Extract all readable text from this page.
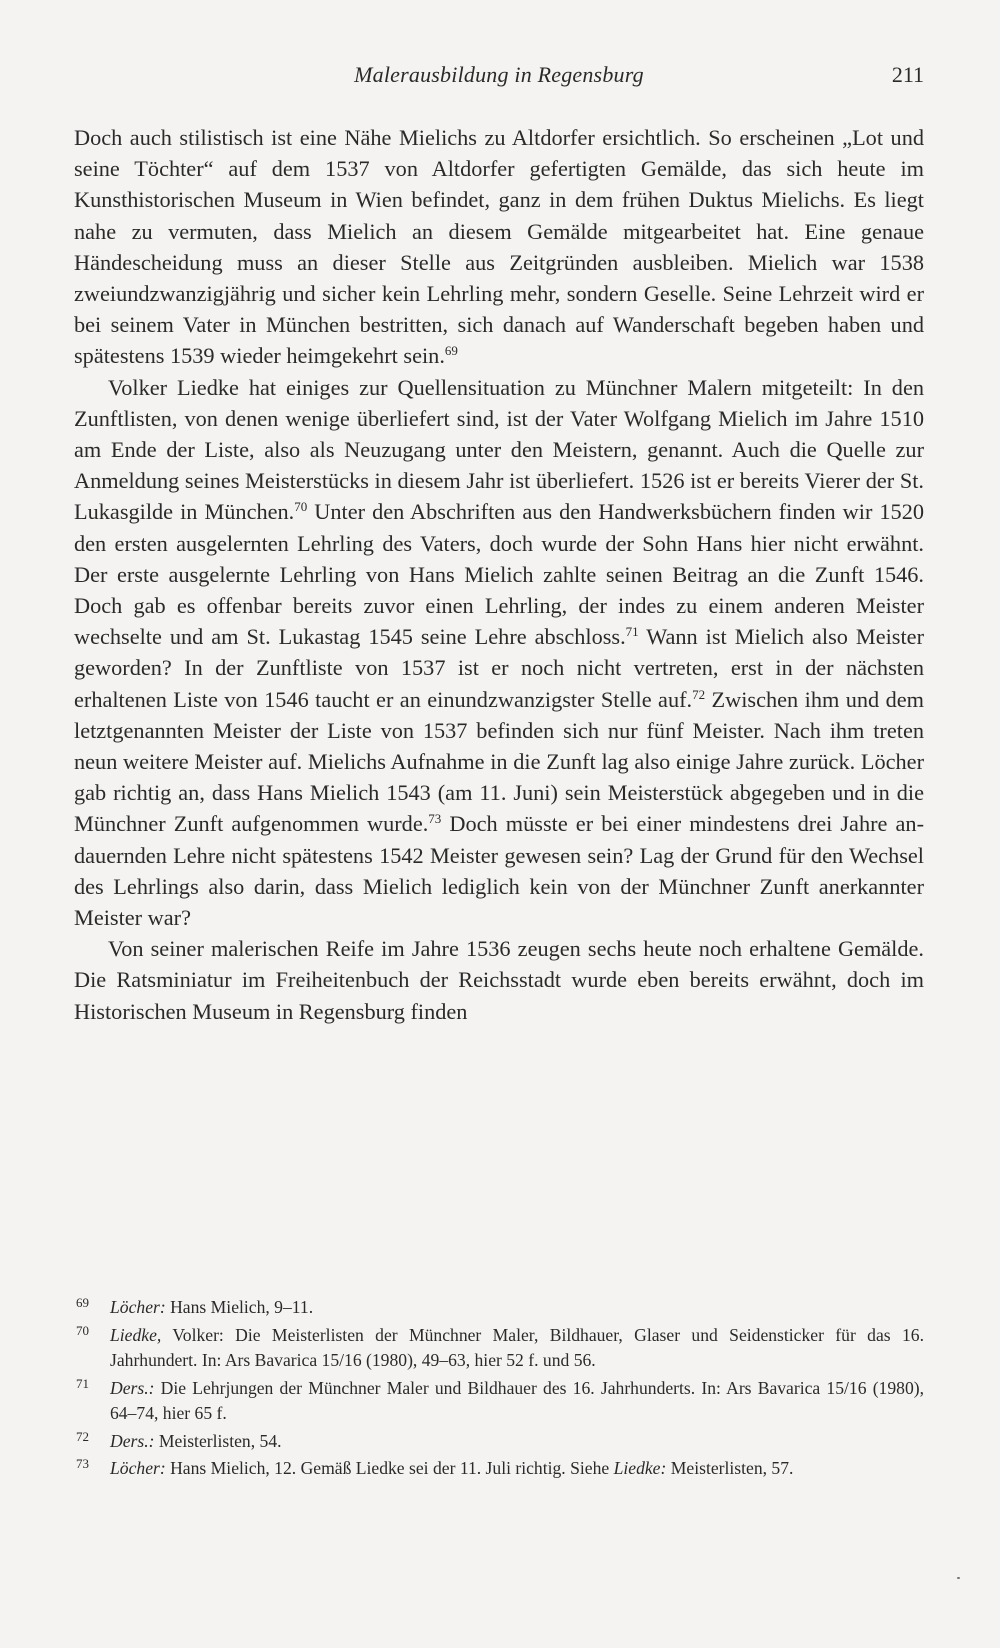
Malerausbildung in Regensburg	211

Doch auch stilistisch ist eine Nähe Mielichs zu Altdorfer ersichtlich. So erscheinen „Lot und seine Töchter“ auf dem 1537 von Altdorfer gefertigten Gemälde, das sich heute im Kunsthistorischen Museum in Wien befindet, ganz in dem frühen Duktus Mielichs. Es liegt nahe zu vermuten, dass Mielich an diesem Gemälde mitgearbeitet hat. Eine genaue Händescheidung muss an dieser Stelle aus Zeitgründen ausbleiben. Mielich war 1538 zweiundzwanzigjährig und sicher kein Lehrling mehr, sondern Geselle. Seine Lehrzeit wird er bei seinem Vater in München bestritten, sich danach auf Wanderschaft begeben haben und spätestens 1539 wieder heimgekehrt sein.$^{69}$

Volker Liedke hat einiges zur Quellensituation zu Münchner Malern mitgeteilt: In den Zunftlisten, von denen wenige überliefert sind, ist der Vater Wolfgang Mielich im Jahre 1510 am Ende der Liste, also als Neuzugang unter den Meistern, genannt. Auch die Quelle zur Anmeldung seines Meisterstücks in diesem Jahr ist überliefert. 1526 ist er bereits Vierer der St. Lukasgilde in München.$^{70}$ Unter den Abschriften aus den Handwerksbüchern finden wir 1520 den ersten ausgelernten Lehrling des Vaters, doch wurde der Sohn Hans hier nicht erwähnt. Der erste ausgelernte Lehrling von Hans Mielich zahlte seinen Beitrag an die Zunft 1546. Doch gab es offenbar bereits zuvor einen Lehrling, der indes zu einem anderen Meister wechselte und am St. Lukastag 1545 seine Lehre abschloss.$^{71}$ Wann ist Mielich also Meister geworden? In der Zunftliste von 1537 ist er noch nicht vertreten, erst in der nächsten erhaltenen Liste von 1546 taucht er an einundzwanzigster Stelle auf.$^{72}$ Zwischen ihm und dem letztgenannten Meister der Liste von 1537 befinden sich nur fünf Meister. Nach ihm treten neun weitere Meister auf. Mielichs Aufnahme in die Zunft lag also einige Jahre zurück. Löcher gab richtig an, dass Hans Mielich 1543 (am 11. Juni) sein Meisterstück abgegeben und in die Münchner Zunft aufgenommen wurde.$^{73}$ Doch müsste er bei einer mindestens drei Jahre andauernden Lehre nicht spätestens 1542 Meister gewesen sein? Lag der Grund für den Wechsel des Lehrlings also darin, dass Mielich lediglich kein von der Münchner Zunft anerkannter Meister war?

Von seiner malerischen Reife im Jahre 1536 zeugen sechs heute noch erhaltene Gemälde. Die Ratsminiatur im Freiheitenbuch der Reichsstadt wurde eben bereits erwähnt, doch im Historischen Museum in Regensburg finden

69 Löcher: Hans Mielich, 9–11.

70 Liedke, Volker: Die Meisterlisten der Münchner Maler, Bildhauer, Glaser und Seidensticker für das 16. Jahrhundert. In: Ars Bavarica 15/16 (1980), 49–63, hier 52 f. und 56.

71 Ders.: Die Lehrjungen der Münchner Maler und Bildhauer des 16. Jahrhunderts. In: Ars Bavarica 15/16 (1980), 64–74, hier 65 f.

72 Ders.: Meisterlisten, 54.

73 Löcher: Hans Mielich, 12. Gemäß Liedke sei der 11. Juli richtig. Siehe Liedke: Meisterlisten, 57.
